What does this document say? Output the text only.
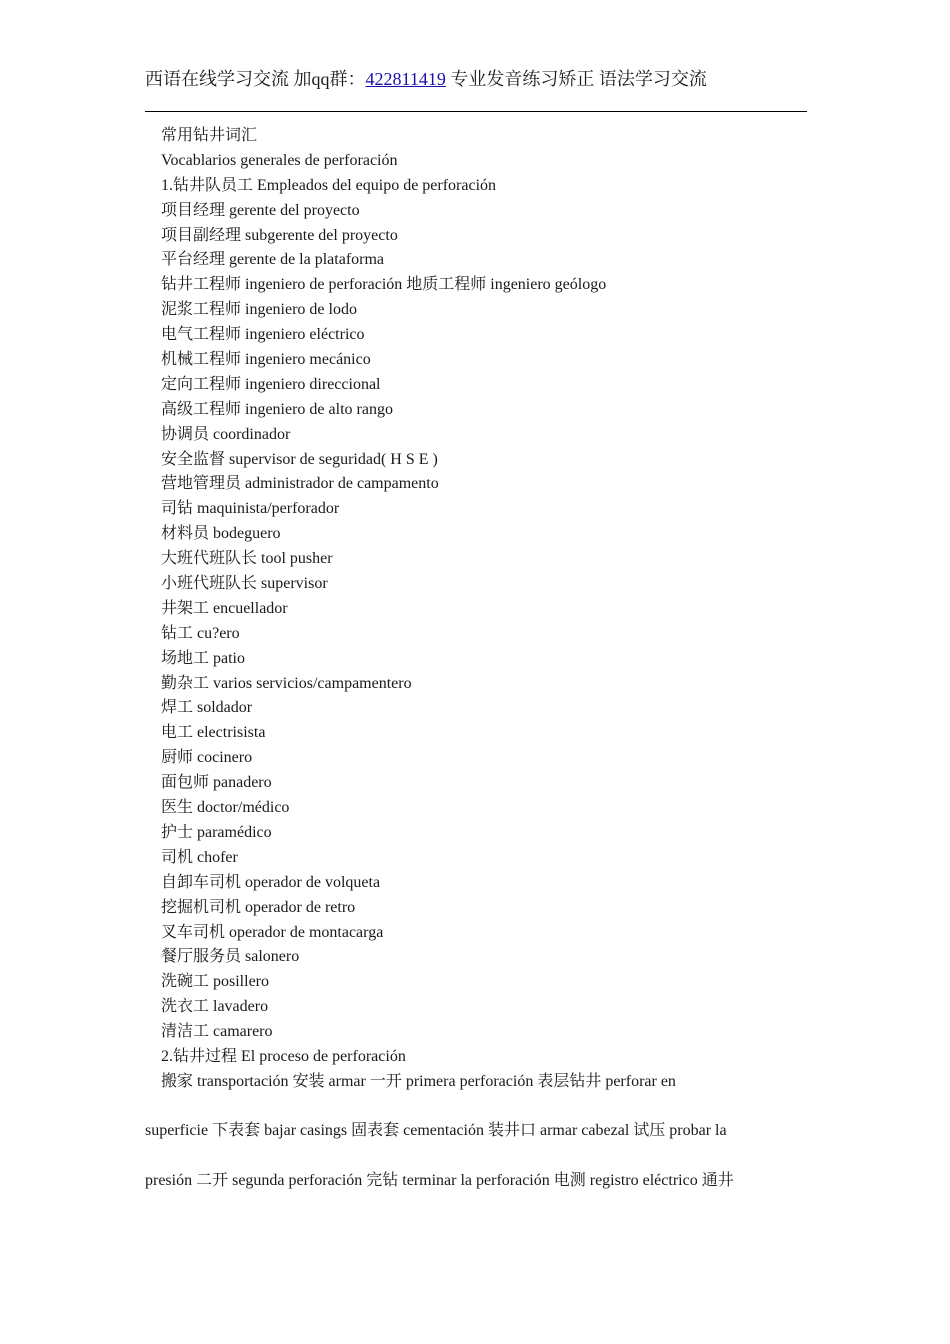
西语在线学习交流 加qq群：422811419 专业发音练习矫正 语法学习交流
常用钻井词汇
Vocablarios generales de perforación
1.钻井队员工 Empleados del equipo de perforación
项目经理 gerente del proyecto
项目副经理 subgerente del proyecto
平台经理 gerente de la plataforma
钻井工程师 ingeniero de perforación 地质工程师 ingeniero geólogo
泥浆工程师 ingeniero de lodo
电气工程师 ingeniero eléctrico
机械工程师 ingeniero mecánico
定向工程师 ingeniero direccional
高级工程师 ingeniero de alto rango
协调员 coordinador
安全监督 supervisor de seguridad( H S E )
营地管理员 administrador de campamento
司钻 maquinista/perforador
材料员 bodeguero
大班代班队长 tool pusher
小班代班队长 supervisor
井架工 encuellador
钻工 cu?ero
场地工 patio
勤杂工 varios servicios/campamentero
焊工 soldador
电工 electrisista
厨师 cocinero
面包师 panadero
医生 doctor/médico
护士 paramédico
司机 chofer
自卸车司机 operador de volqueta
挖掘机司机 operador de retro
叉车司机 operador de montacarga
餐厅服务员 salonero
洗碗工 posillero
洗衣工 lavadero
清洁工 camarero
2.钻井过程 El proceso de perforación
搬家 transportación 安装 armar 一开 primera perforación 表层钻井 perforar en
superficie 下表套 bajar casings 固表套 cementación 装井口 armar cabezal 试压 probar la
presión 二开 segunda perforación 完钻 terminar la perforación 电测 registro eléctrico 通井
